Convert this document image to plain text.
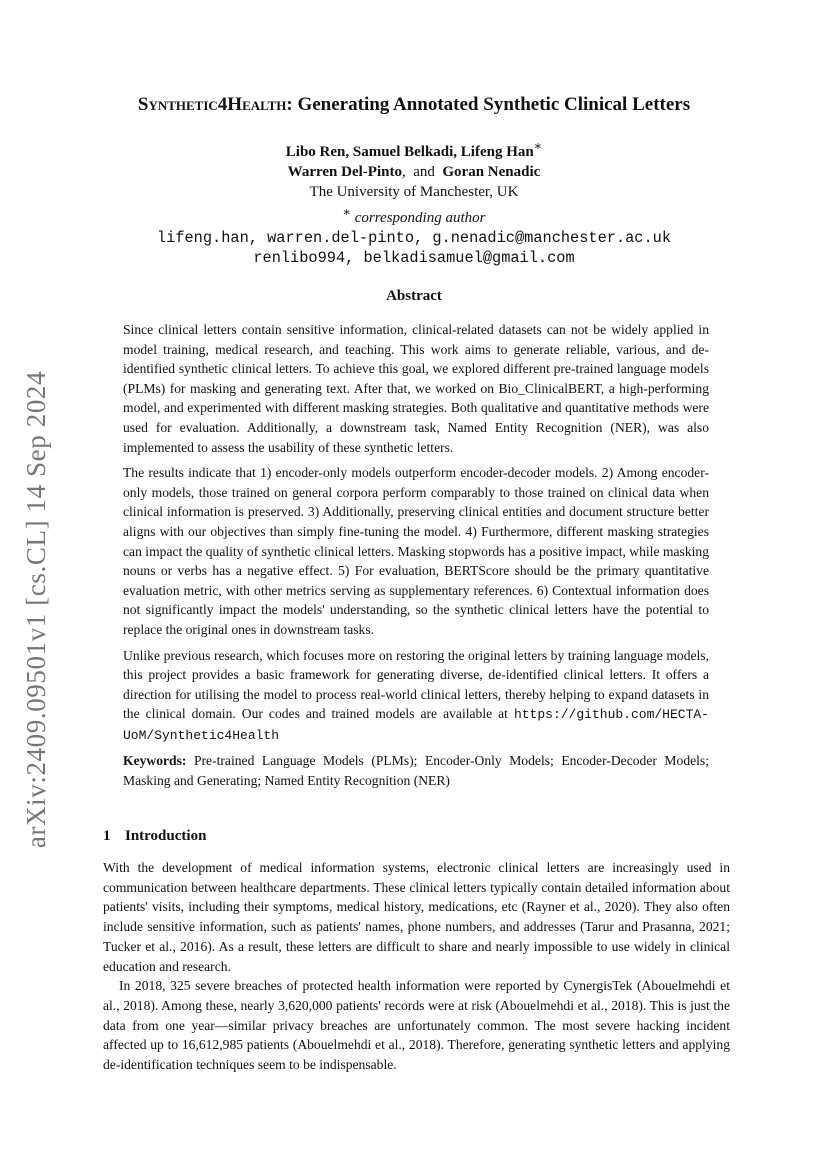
arXiv:2409.09501v1 [cs.CL] 14 Sep 2024
Synthetic4Health: Generating Annotated Synthetic Clinical Letters
Libo Ren, Samuel Belkadi, Lifeng Han∗
Warren Del-Pinto,  and  Goran Nenadic
The University of Manchester, UK
∗ corresponding author
lifeng.han, warren.del-pinto, g.nenadic@manchester.ac.uk
renlibo994, belkadisamuel@gmail.com
Abstract

Since clinical letters contain sensitive information, clinical-related datasets can not be widely applied in model training, medical research, and teaching. This work aims to generate reliable, various, and de-identified synthetic clinical letters. To achieve this goal, we explored different pre-trained language models (PLMs) for masking and generating text. After that, we worked on Bio_ClinicalBERT, a high-performing model, and experimented with different masking strategies. Both qualitative and quantitative methods were used for evaluation. Additionally, a downstream task, Named Entity Recognition (NER), was also implemented to assess the usability of these synthetic letters.

The results indicate that 1) encoder-only models outperform encoder-decoder models. 2) Among encoder-only models, those trained on general corpora perform comparably to those trained on clinical data when clinical information is preserved. 3) Additionally, preserving clinical entities and document structure better aligns with our objectives than simply fine-tuning the model. 4) Furthermore, different masking strategies can impact the quality of synthetic clinical letters. Masking stopwords has a positive impact, while masking nouns or verbs has a negative effect. 5) For evaluation, BERTScore should be the primary quantitative evaluation metric, with other metrics serving as supplementary references. 6) Contextual information does not significantly impact the models' understanding, so the synthetic clinical letters have the potential to replace the original ones in downstream tasks.

Unlike previous research, which focuses more on restoring the original letters by training language models, this project provides a basic framework for generating diverse, de-identified clinical letters. It offers a direction for utilising the model to process real-world clinical letters, thereby helping to expand datasets in the clinical domain. Our codes and trained models are available at https://github.com/HECTA-UoM/Synthetic4Health

Keywords: Pre-trained Language Models (PLMs); Encoder-Only Models; Encoder-Decoder Models; Masking and Generating; Named Entity Recognition (NER)

1 Introduction

With the development of medical information systems, electronic clinical letters are increasingly used in communication between healthcare departments. These clinical letters typically contain detailed information about patients' visits, including their symptoms, medical history, medications, etc (Rayner et al., 2020). They also often include sensitive information, such as patients' names, phone numbers, and addresses (Tarur and Prasanna, 2021; Tucker et al., 2016). As a result, these letters are difficult to share and nearly impossible to use widely in clinical education and research.

In 2018, 325 severe breaches of protected health information were reported by CynergisTek (Abouelmehdi et al., 2018). Among these, nearly 3,620,000 patients' records were at risk (Abouelmehdi et al., 2018). This is just the data from one year—similar privacy breaches are unfortunately common. The most severe hacking incident affected up to 16,612,985 patients (Abouelmehdi et al., 2018). Therefore, generating synthetic letters and applying de-identification techniques seem to be indispensable.
